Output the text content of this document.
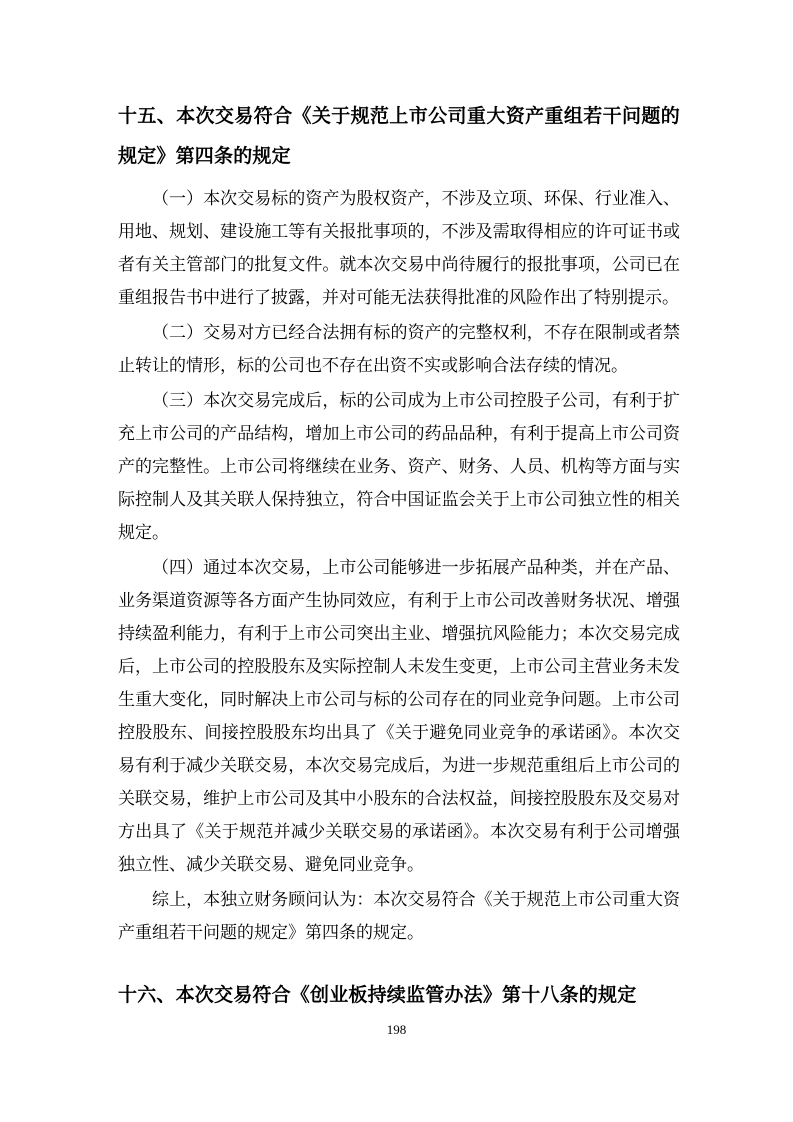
十五、本次交易符合《关于规范上市公司重大资产重组若干问题的规定》第四条的规定

（一）本次交易标的资产为股权资产，不涉及立项、环保、行业准入、用地、规划、建设施工等有关报批事项的，不涉及需取得相应的许可证书或者有关主管部门的批复文件。就本次交易中尚待履行的报批事项，公司已在重组报告书中进行了披露，并对可能无法获得批准的风险作出了特别提示。

（二）交易对方已经合法拥有标的资产的完整权利，不存在限制或者禁止转让的情形，标的公司也不存在出资不实或影响合法存续的情况。

（三）本次交易完成后，标的公司成为上市公司控股子公司，有利于扩充上市公司的产品结构，增加上市公司的药品品种，有利于提高上市公司资产的完整性。上市公司将继续在业务、资产、财务、人员、机构等方面与实际控制人及其关联人保持独立，符合中国证监会关于上市公司独立性的相关规定。

（四）通过本次交易，上市公司能够进一步拓展产品种类，并在产品、业务渠道资源等各方面产生协同效应，有利于上市公司改善财务状况、增强持续盈利能力，有利于上市公司突出主业、增强抗风险能力；本次交易完成后，上市公司的控股股东及实际控制人未发生变更，上市公司主营业务未发生重大变化，同时解决上市公司与标的公司存在的同业竞争问题。上市公司控股股东、间接控股股东均出具了《关于避免同业竞争的承诺函》。本次交易有利于减少关联交易，本次交易完成后，为进一步规范重组后上市公司的关联交易，维护上市公司及其中小股东的合法权益，间接控股股东及交易对方出具了《关于规范并减少关联交易的承诺函》。本次交易有利于公司增强独立性、减少关联交易、避免同业竞争。

综上，本独立财务顾问认为：本次交易符合《关于规范上市公司重大资产重组若干问题的规定》第四条的规定。

十六、本次交易符合《创业板持续监管办法》第十八条的规定
198
